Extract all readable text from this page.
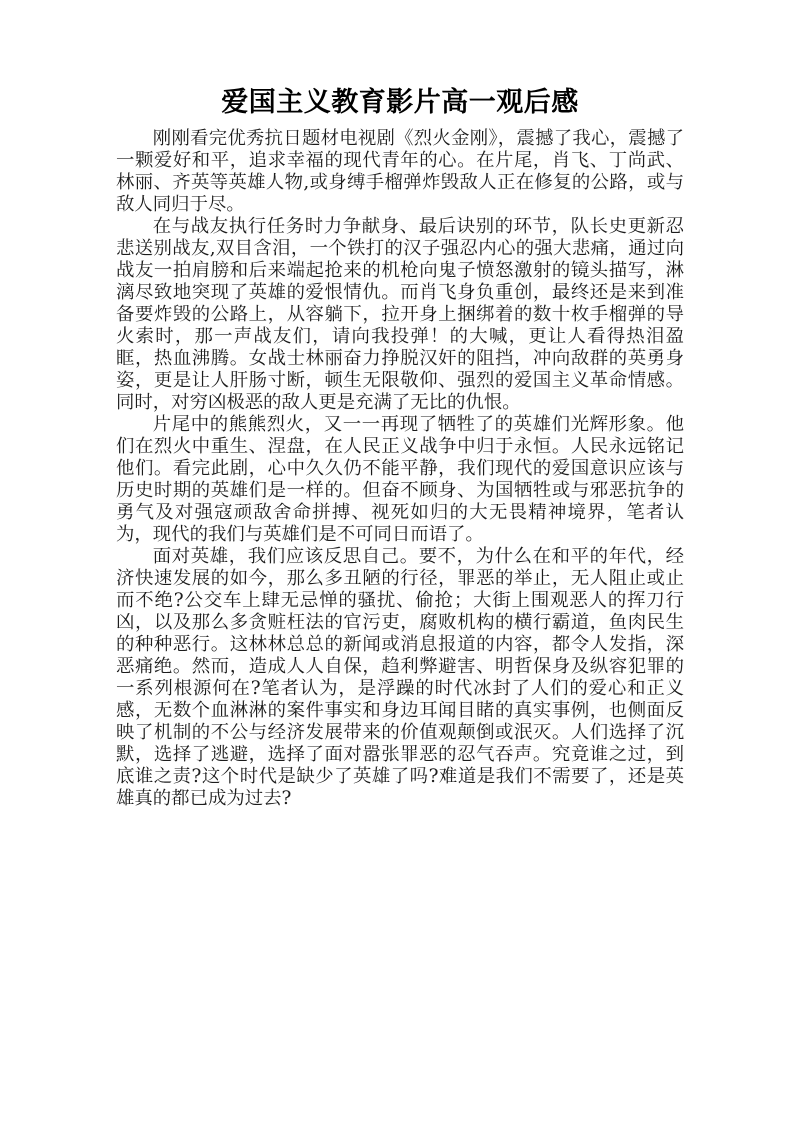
爱国主义教育影片高一观后感

刚刚看完优秀抗日题材电视剧《烈火金刚》，震撼了我心，震撼了一颗爱好和平，追求幸福的现代青年的心。在片尾，肖飞、丁尚武、林丽、齐英等英雄人物,或身缚手榴弹炸毁敌人正在修复的公路，或与敌人同归于尽。

在与战友执行任务时力争献身、最后诀别的环节，队长史更新忍悲送别战友,双目含泪，一个铁打的汉子强忍内心的强大悲痛，通过向战友一拍肩膀和后来端起抢来的机枪向鬼子愤怒激射的镜头描写，淋漓尽致地突现了英雄的爱恨情仇。而肖飞身负重创，最终还是来到准备要炸毁的公路上，从容躺下，拉开身上捆绑着的数十枚手榴弹的导火索时，那一声战友们，请向我投弹！的大喊，更让人看得热泪盈眶，热血沸腾。女战士林丽奋力挣脱汉奸的阻挡，冲向敌群的英勇身姿，更是让人肝肠寸断，顿生无限敬仰、强烈的爱国主义革命情感。同时，对穷凶极恶的敌人更是充满了无比的仇恨。

片尾中的熊熊烈火，又一一再现了牺牲了的英雄们光辉形象。他们在烈火中重生、涅盘，在人民正义战争中归于永恒。人民永远铭记他们。看完此剧，心中久久仍不能平静，我们现代的爱国意识应该与历史时期的英雄们是一样的。但奋不顾身、为国牺牲或与邪恶抗争的勇气及对强寇顽敌舍命拼搏、视死如归的大无畏精神境界，笔者认为，现代的我们与英雄们是不可同日而语了。

面对英雄，我们应该反思自己。要不，为什么在和平的年代，经济快速发展的如今，那么多丑陋的行径，罪恶的举止，无人阻止或止而不绝?公交车上肆无忌惮的骚扰、偷抢；大街上围观恶人的挥刀行凶，以及那么多贪赃枉法的官污吏，腐败机构的横行霸道，鱼肉民生的种种恶行。这林林总总的新闻或消息报道的内容，都令人发指，深恶痛绝。然而，造成人人自保，趋利弊避害、明哲保身及纵容犯罪的一系列根源何在?笔者认为，是浮躁的时代冰封了人们的爱心和正义感，无数个血淋淋的案件事实和身边耳闻目睹的真实事例，也侧面反映了机制的不公与经济发展带来的价值观颠倒或泯灭。人们选择了沉默，选择了逃避，选择了面对嚣张罪恶的忍气吞声。究竟谁之过，到底谁之责?这个时代是缺少了英雄了吗?难道是我们不需要了，还是英雄真的都已成为过去?
